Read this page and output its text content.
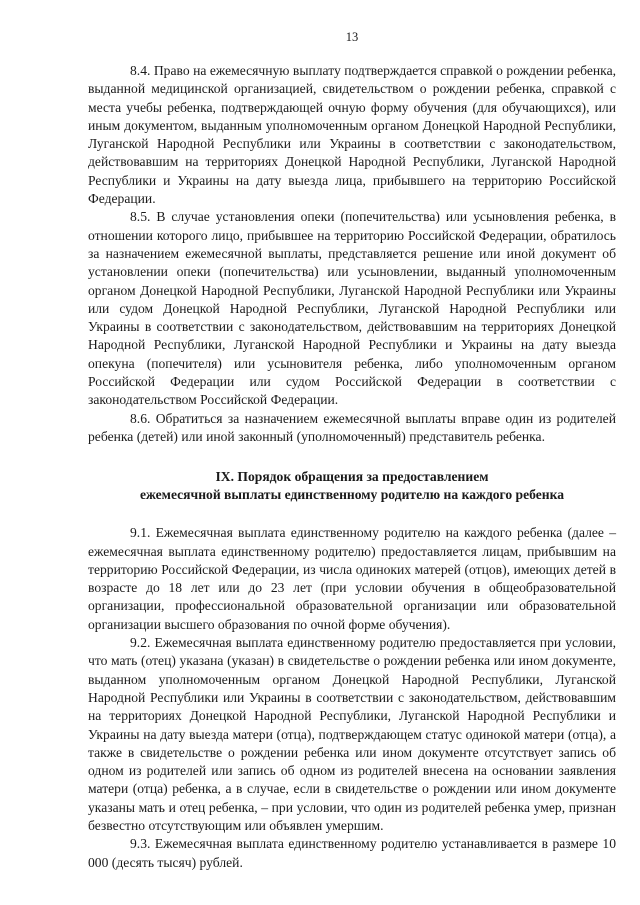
13

8.4. Право на ежемесячную выплату подтверждается справкой о рождении ребенка, выданной медицинской организацией, свидетельством о рождении ребенка, справкой с места учебы ребенка, подтверждающей очную форму обучения (для обучающихся), или иным документом, выданным уполномоченным органом Донецкой Народной Республики, Луганской Народной Республики или Украины в соответствии с законодательством, действовавшим на территориях Донецкой Народной Республики, Луганской Народной Республики и Украины на дату выезда лица, прибывшего на территорию Российской Федерации.

8.5. В случае установления опеки (попечительства) или усыновления ребенка, в отношении которого лицо, прибывшее на территорию Российской Федерации, обратилось за назначением ежемесячной выплаты, представляется решение или иной документ об установлении опеки (попечительства) или усыновлении, выданный уполномоченным органом Донецкой Народной Республики, Луганской Народной Республики или Украины или судом Донецкой Народной Республики, Луганской Народной Республики или Украины в соответствии с законодательством, действовавшим на территориях Донецкой Народной Республики, Луганской Народной Республики и Украины на дату выезда опекуна (попечителя) или усыновителя ребенка, либо уполномоченным органом Российской Федерации или судом Российской Федерации в соответствии с законодательством Российской Федерации.

8.6. Обратиться за назначением ежемесячной выплаты вправе один из родителей ребенка (детей) или иной законный (уполномоченный) представитель ребенка.

IX. Порядок обращения за предоставлением
ежемесячной выплаты единственному родителю на каждого ребенка

9.1. Ежемесячная выплата единственному родителю на каждого ребенка (далее – ежемесячная выплата единственному родителю) предоставляется лицам, прибывшим на территорию Российской Федерации, из числа одиноких матерей (отцов), имеющих детей в возрасте до 18 лет или до 23 лет (при условии обучения в общеобразовательной организации, профессиональной образовательной организации или образовательной организации высшего образования по очной форме обучения).

9.2. Ежемесячная выплата единственному родителю предоставляется при условии, что мать (отец) указана (указан) в свидетельстве о рождении ребенка или ином документе, выданном уполномоченным органом Донецкой Народной Республики, Луганской Народной Республики или Украины в соответствии с законодательством, действовавшим на территориях Донецкой Народной Республики, Луганской Народной Республики и Украины на дату выезда матери (отца), подтверждающем статус одинокой матери (отца), а также в свидетельстве о рождении ребенка или ином документе отсутствует запись об одном из родителей или запись об одном из родителей внесена на основании заявления матери (отца) ребенка, а в случае, если в свидетельстве о рождении или ином документе указаны мать и отец ребенка, – при условии, что один из родителей ребенка умер, признан безвестно отсутствующим или объявлен умершим.

9.3. Ежемесячная выплата единственному родителю устанавливается в размере 10 000 (десять тысяч) рублей.
